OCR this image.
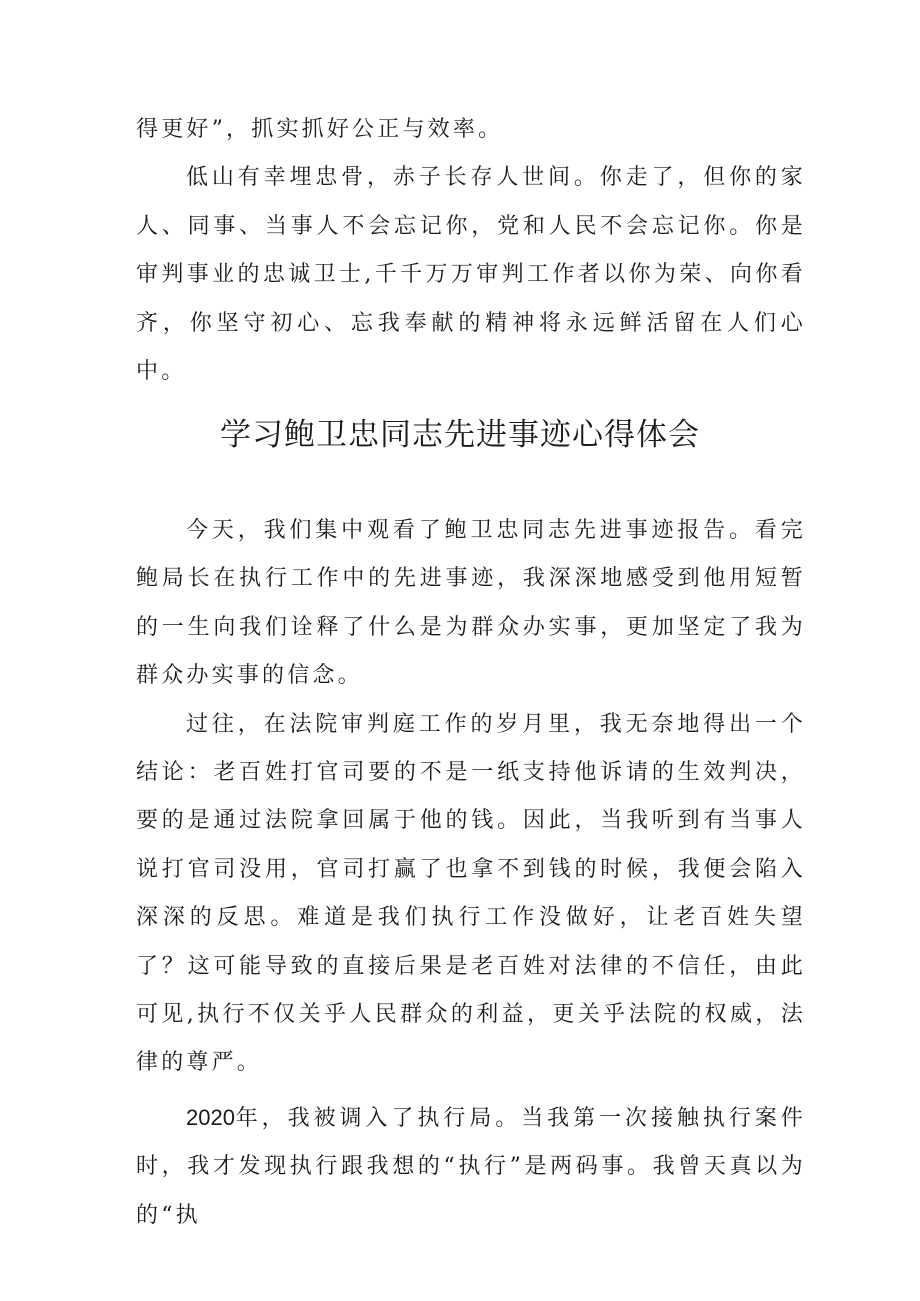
得更好”，抓实抓好公正与效率。

低山有幸埋忠骨，赤子长存人世间。你走了，但你的家人、同事、当事人不会忘记你，党和人民不会忘记你。你是审判事业的忠诚卫士,千千万万审判工作者以你为荣、向你看齐，你坚守初心、忘我奉献的精神将永远鲜活留在人们心中。

学习鲍卫忠同志先进事迹心得体会

今天，我们集中观看了鲍卫忠同志先进事迹报告。看完鲍局长在执行工作中的先进事迹，我深深地感受到他用短暂的一生向我们诠释了什么是为群众办实事，更加坚定了我为群众办实事的信念。

过往，在法院审判庭工作的岁月里，我无奈地得出一个结论：老百姓打官司要的不是一纸支持他诉请的生效判决，要的是通过法院拿回属于他的钱。因此，当我听到有当事人说打官司没用，官司打赢了也拿不到钱的时候，我便会陷入深深的反思。难道是我们执行工作没做好，让老百姓失望了？这可能导致的直接后果是老百姓对法律的不信任，由此可见,执行不仅关乎人民群众的利益，更关乎法院的权威，法律的尊严。

2020年，我被调入了执行局。当我第一次接触执行案件时，我才发现执行跟我想的“执行”是两码事。我曾天真以为的“执
